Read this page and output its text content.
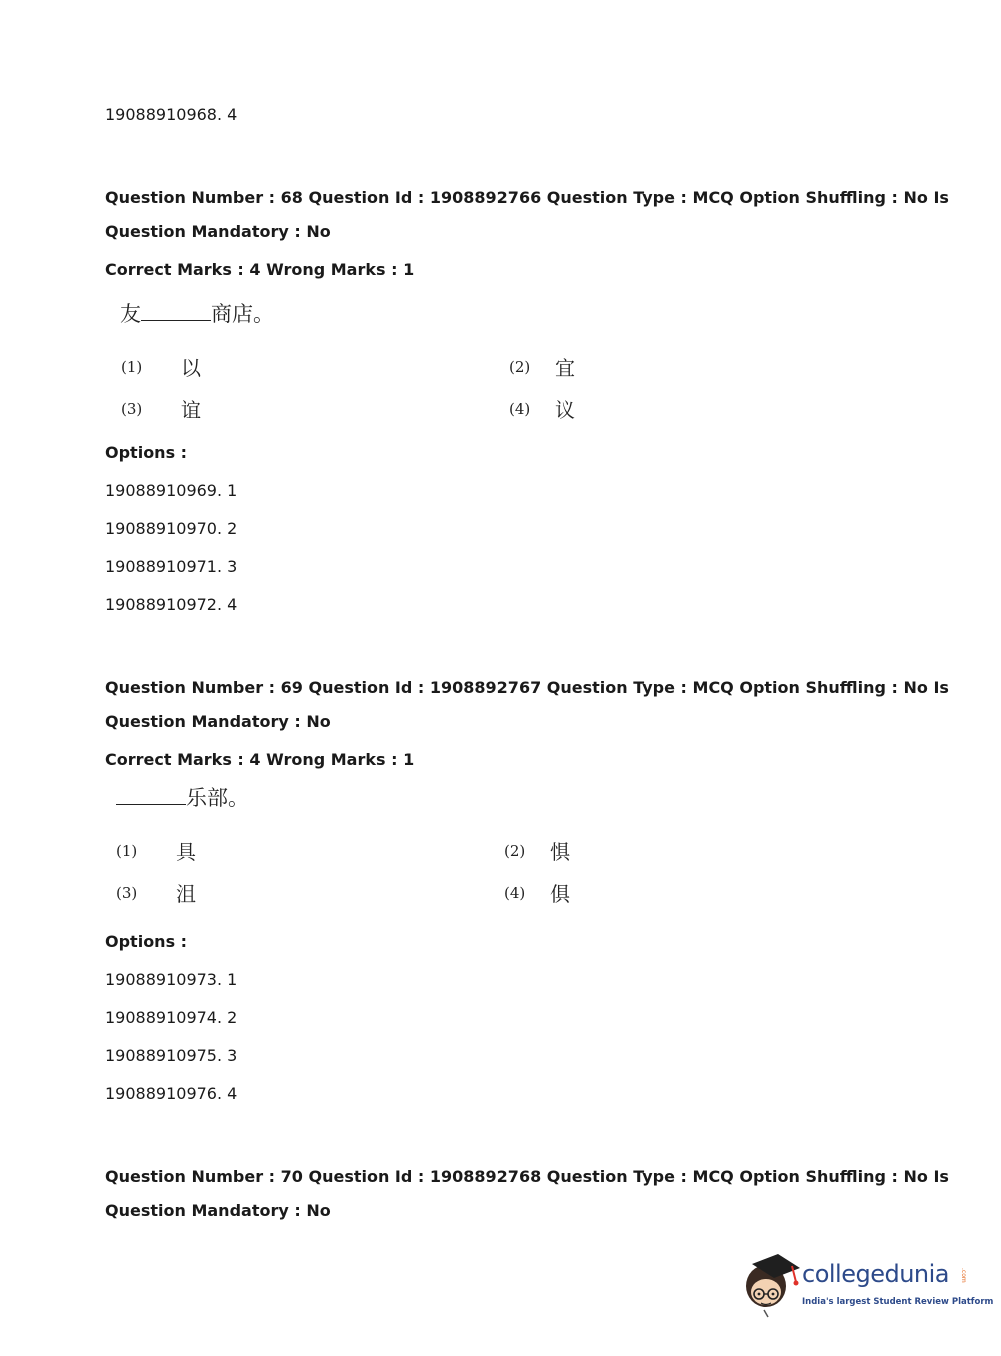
19088910968. 4
Question Number : 68 Question Id : 1908892766 Question Type : MCQ Option Shuffling : No Is
Question Mandatory : No
Correct Marks : 4 Wrong Marks : 1
友	商店。
(1) 以	(2) 宜
(3) 谊	(4) 议
Options :
19088910969. 1
19088910970. 2
19088910971. 3
19088910972. 4
Question Number : 69 Question Id : 1908892767 Question Type : MCQ Option Shuffling : No Is
Question Mandatory : No
Correct Marks : 4 Wrong Marks : 1
乐部。
(1) 具	(2) 惧
(3) 沮	(4) 俱
Options :
19088910973. 1
19088910974. 2
19088910975. 3
19088910976. 4
Question Number : 70 Question Id : 1908892768 Question Type : MCQ Option Shuffling : No Is
Question Mandatory : No
collegedunia .com
India's largest Student Review Platform
